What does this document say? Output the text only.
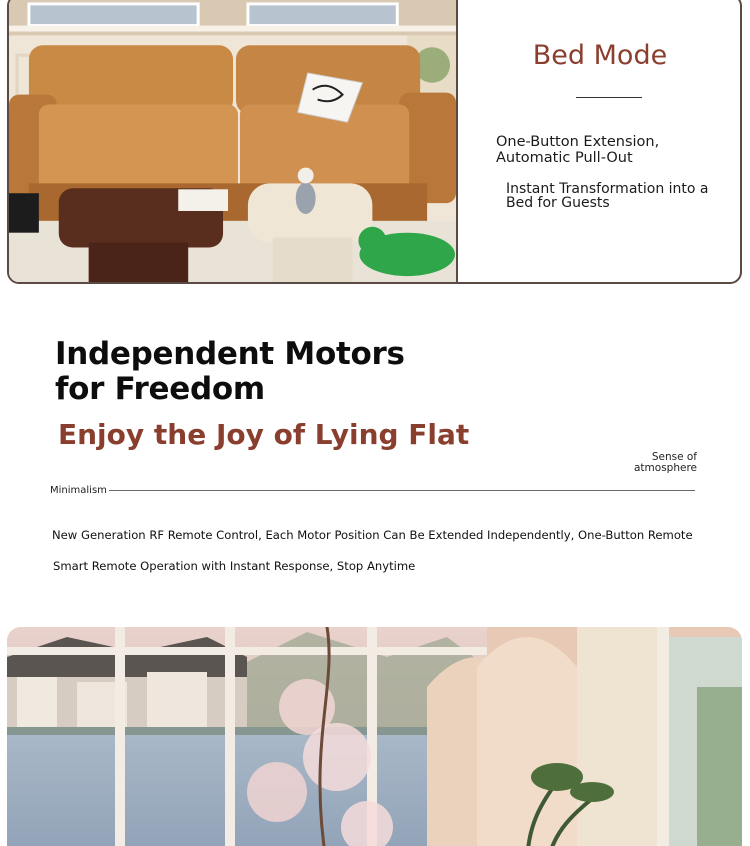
Bed Mode
One-Button Extension, Automatic Pull-Out
Instant Transformation into a Bed for Guests
Independent Motors for Freedom
Enjoy the Joy of Lying Flat
Sense of atmosphere
Minimalism
New Generation RF Remote Control, Each Motor Position Can Be Extended Independently, One-Button Remote
Smart Remote Operation with Instant Response, Stop Anytime
